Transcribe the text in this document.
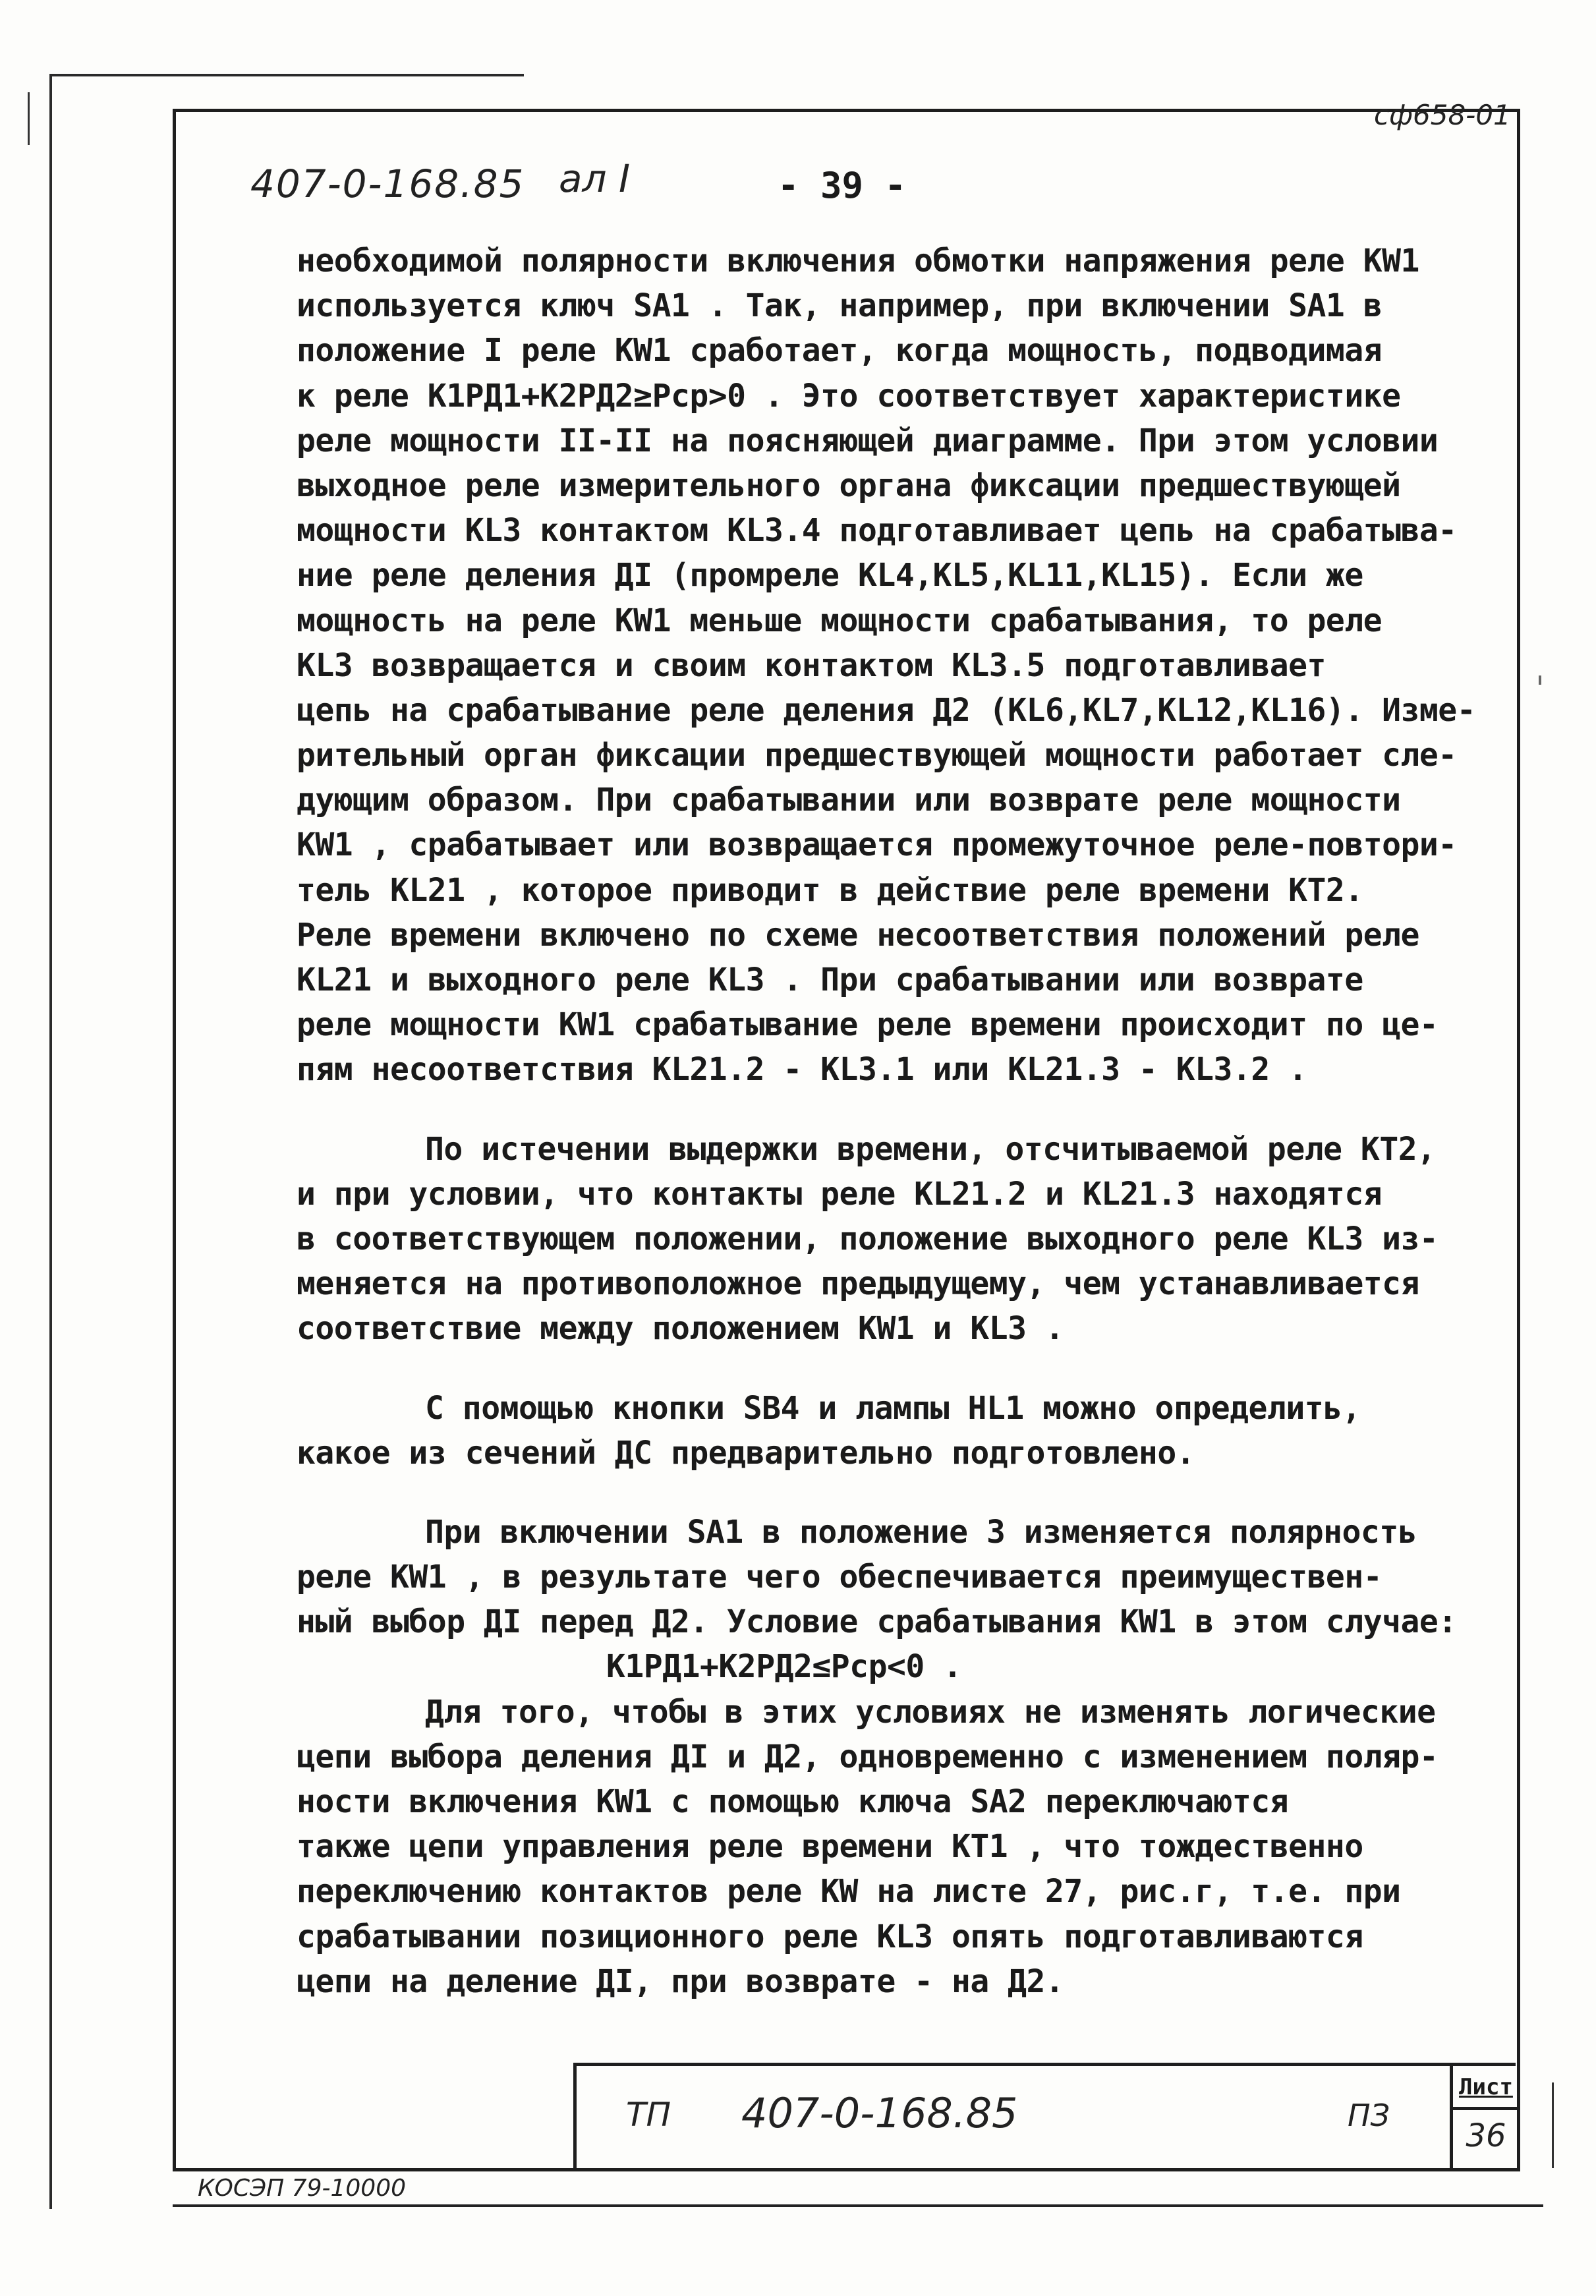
сф658-01
407-0-168.85 ал I	- 39 -
необходимой полярности включения обмотки напряжения реле KW1
используется ключ SA1 . Так, например, при включении SA1 в
положение I реле KW1 сработает, когда мощность, подводимая
к реле K1PД1+K2PД2≥Pср>0 . Это соответствует характеристике
реле мощности II-II на поясняющей диаграмме. При этом условии
выходное реле измерительного органа фиксации предшествующей
мощности KL3 контактом KL3.4 подготавливает цепь на срабатыва-
ние реле деления ДI (промреле KL4,KL5,KL11,KL15). Если же
мощность на реле KW1 меньше мощности срабатывания, то реле
KL3 возвращается и своим контактом KL3.5 подготавливает
цепь на срабатывание реле деления Д2 (KL6,KL7,KL12,KL16). Изме-
рительный орган фиксации предшествующей мощности работает сле-
дующим образом. При срабатывании или возврате реле мощности
KW1 , срабатывает или возвращается промежуточное реле-повтори-
тель KL21 , которое приводит в действие реле времени KT2.
Реле времени включено по схеме несоответствия положений реле
KL21 и выходного реле KL3 . При срабатывании или возврате
реле мощности KW1 срабатывание реле времени происходит по це-
пям несоответствия KL21.2 - KL3.1 или KL21.3 - KL3.2 .
По истечении выдержки времени, отсчитываемой реле KT2,
и при условии, что контакты реле KL21.2 и KL21.3 находятся
в соответствующем положении, положение выходного реле KL3 из-
меняется на противоположное предыдущему, чем устанавливается
соответствие между положением KW1 и KL3 .
С помощью кнопки SB4 и лампы HL1 можно определить,
какое из сечений ДС предварительно подготовлено.
При включении SA1 в положение 3 изменяется полярность
реле KW1 , в результате чего обеспечивается преимуществен-
ный выбор ДI перед Д2. Условие срабатывания KW1 в этом случае:
K1PД1+K2PД2≤Pср<0 .
Для того, чтобы в этих условиях не изменять логические
цепи выбора деления ДI и Д2, одновременно с изменением поляр-
ности включения KW1 с помощью ключа SA2 переключаются
также цепи управления реле времени KT1 , что тождественно
переключению контактов реле KW на листе 27, рис.г, т.е. при
срабатывании позиционного реле KL3 опять подготавливаются
цепи на деление ДI, при возврате - на Д2.
ТП 407-0-168.85	ПЗ
Лист
36
КОСЭП 79-10000
